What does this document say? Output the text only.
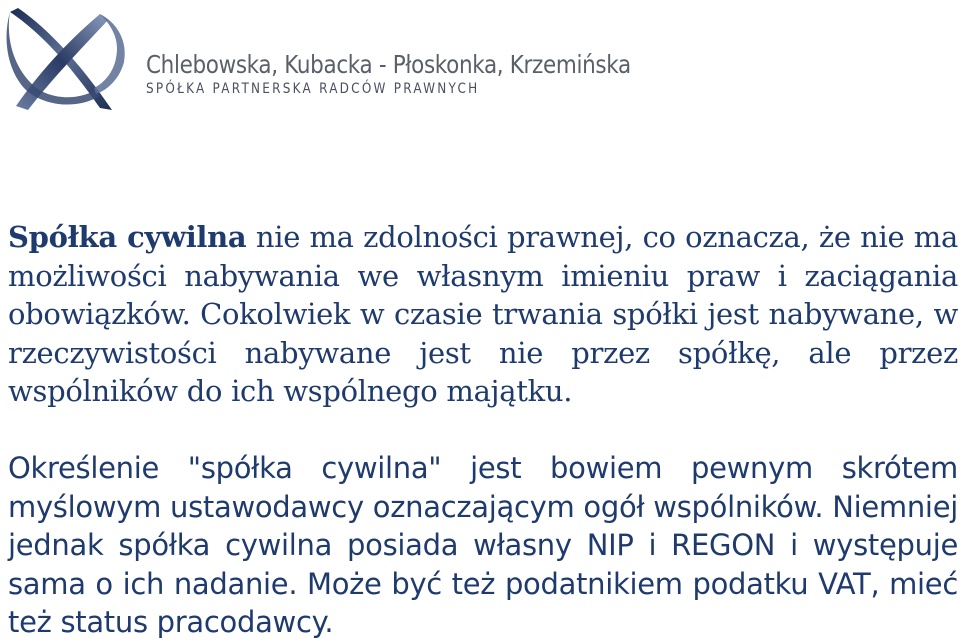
Chlebowska, Kubacka - Płoskonka, Krzemińska
SPÓŁKA PARTNERSKA RADCÓW PRAWNYCH

Spółka cywilna nie ma zdolności prawnej, co oznacza, że nie ma możliwości nabywania we własnym imieniu praw i zaciągania obowiązków. Cokolwiek w czasie trwania spółki jest nabywane, w rzeczywistości nabywane jest nie przez spółkę, ale przez wspólników do ich wspólnego majątku.

Określenie "spółka cywilna" jest bowiem pewnym skrótem myślowym ustawodawcy oznaczającym ogół wspólników. Niemniej jednak spółka cywilna posiada własny NIP i REGON i występuje sama o ich nadanie. Może być też podatnikiem podatku VAT, mieć też status pracodawcy.
